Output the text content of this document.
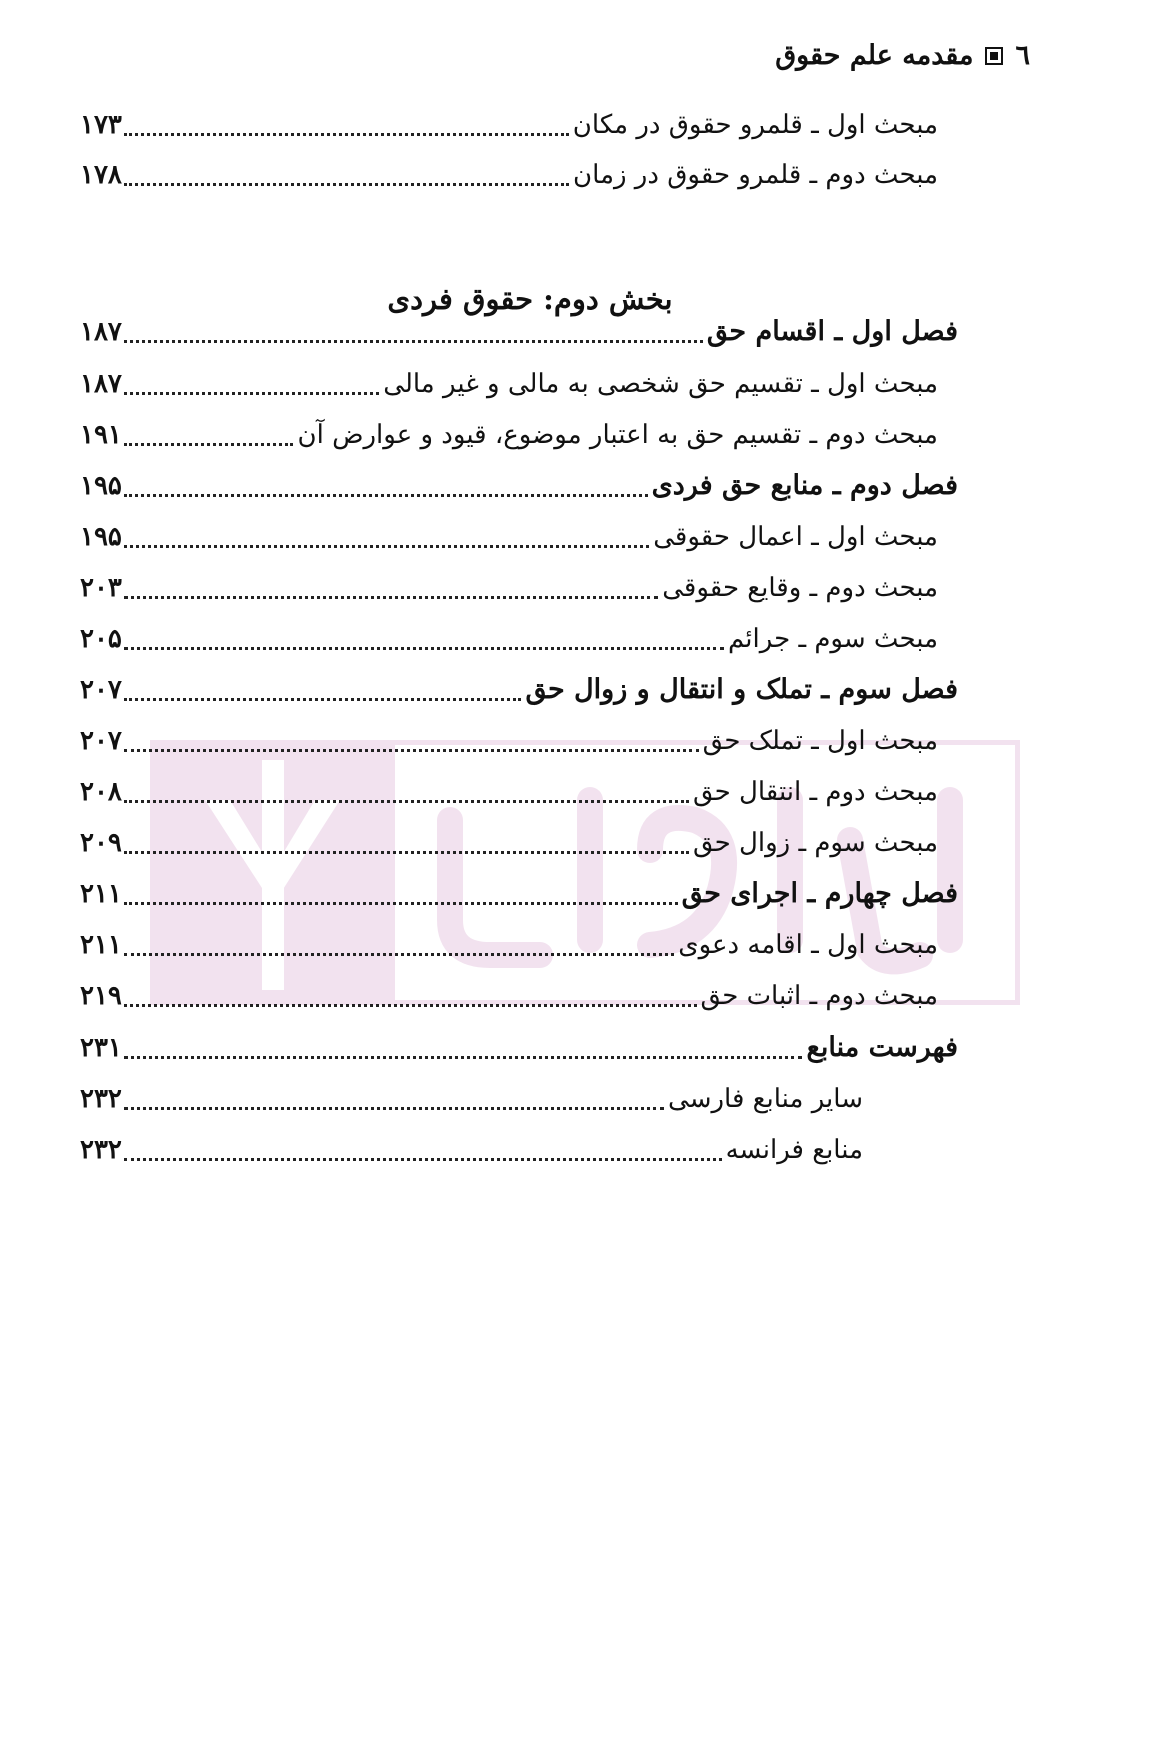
٦
مقدمه علم حقوق
مبحث اول ـ قلمرو حقوق در مکان
۱۷۳
مبحث دوم ـ قلمرو حقوق در زمان
۱۷۸
بخش دوم: حقوق فردی
فصل اول ـ اقسام حق
۱۸۷
مبحث اول ـ تقسیم حق شخصی به مالی و غیر مالی
۱۸۷
مبحث دوم ـ تقسیم حق به اعتبار موضوع، قیود و عوارض آن
۱۹۱
فصل دوم ـ منابع حق فردی
۱۹۵
مبحث اول ـ اعمال حقوقی
۱۹۵
مبحث دوم ـ وقایع حقوقی
۲۰۳
مبحث سوم ـ جرائم
۲۰۵
فصل سوم ـ تملک و انتقال و زوال حق
۲۰۷
مبحث اول ـ تملک حق
۲۰۷
مبحث دوم ـ انتقال حق
۲۰۸
مبحث سوم ـ زوال حق
۲۰۹
فصل چهارم ـ اجرای حق
۲۱۱
مبحث اول ـ اقامه دعوی
۲۱۱
مبحث دوم ـ اثبات حق
۲۱۹
فهرست منابع
۲۳۱
سایر منابع فارسی
۲۳۲
منابع فرانسه
۲۳۲
